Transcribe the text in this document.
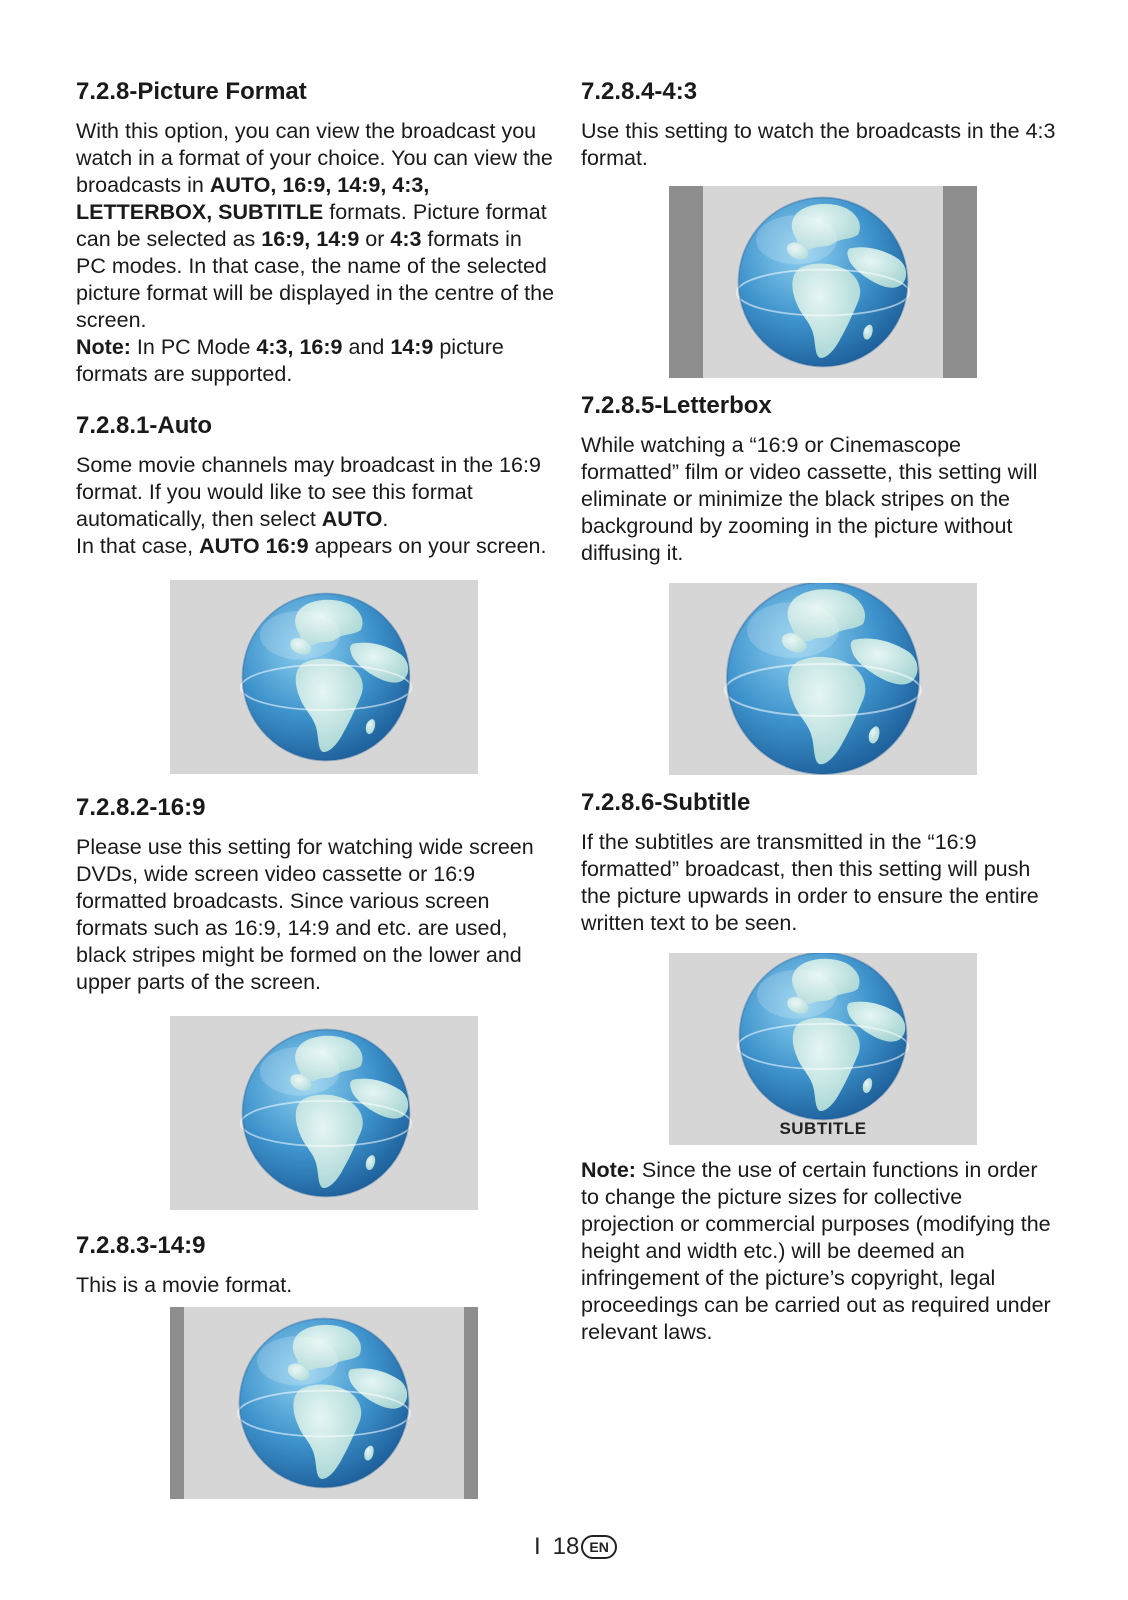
7.2.8-Picture Format

With this option, you can view the broadcast you watch in a format of your choice. You can view the broadcasts in AUTO, 16:9, 14:9, 4:3, LETTERBOX, SUBTITLE formats. Picture format can be selected as 16:9, 14:9 or 4:3 formats in PC modes. In that case, the name of the selected picture format will be displayed in the centre of the screen.

Note: In PC Mode 4:3, 16:9 and 14:9 picture formats are supported.

7.2.8.1-Auto

Some movie channels may broadcast in the 16:9 format. If you would like to see this format automatically, then select AUTO.

In that case, AUTO 16:9 appears on your screen.

7.2.8.2-16:9

Please use this setting for watching wide screen DVDs, wide screen video cassette or 16:9 formatted broadcasts. Since various screen formats such as 16:9, 14:9 and etc. are used, black stripes might be formed on the lower and upper parts of the screen.

7.2.8.3-14:9

This is a movie format.

7.2.8.4-4:3

Use this setting to watch the broadcasts in the 4:3 format.

7.2.8.5-Letterbox

While watching a “16:9 or Cinemascope formatted” film or video cassette, this setting will eliminate or minimize the black stripes on the background by zooming in the picture without diffusing it.

7.2.8.6-Subtitle

If the subtitles are transmitted in the “16:9 formatted” broadcast, then this setting will push the picture upwards in order to ensure the entire written text to be seen.

SUBTITLE

Note: Since the use of certain functions in order to change the picture sizes for collective projection or commercial purposes (modifying the height and width etc.) will be deemed an infringement of the picture’s copyright, legal proceedings can be carried out as required under relevant laws.

I 18 EN
